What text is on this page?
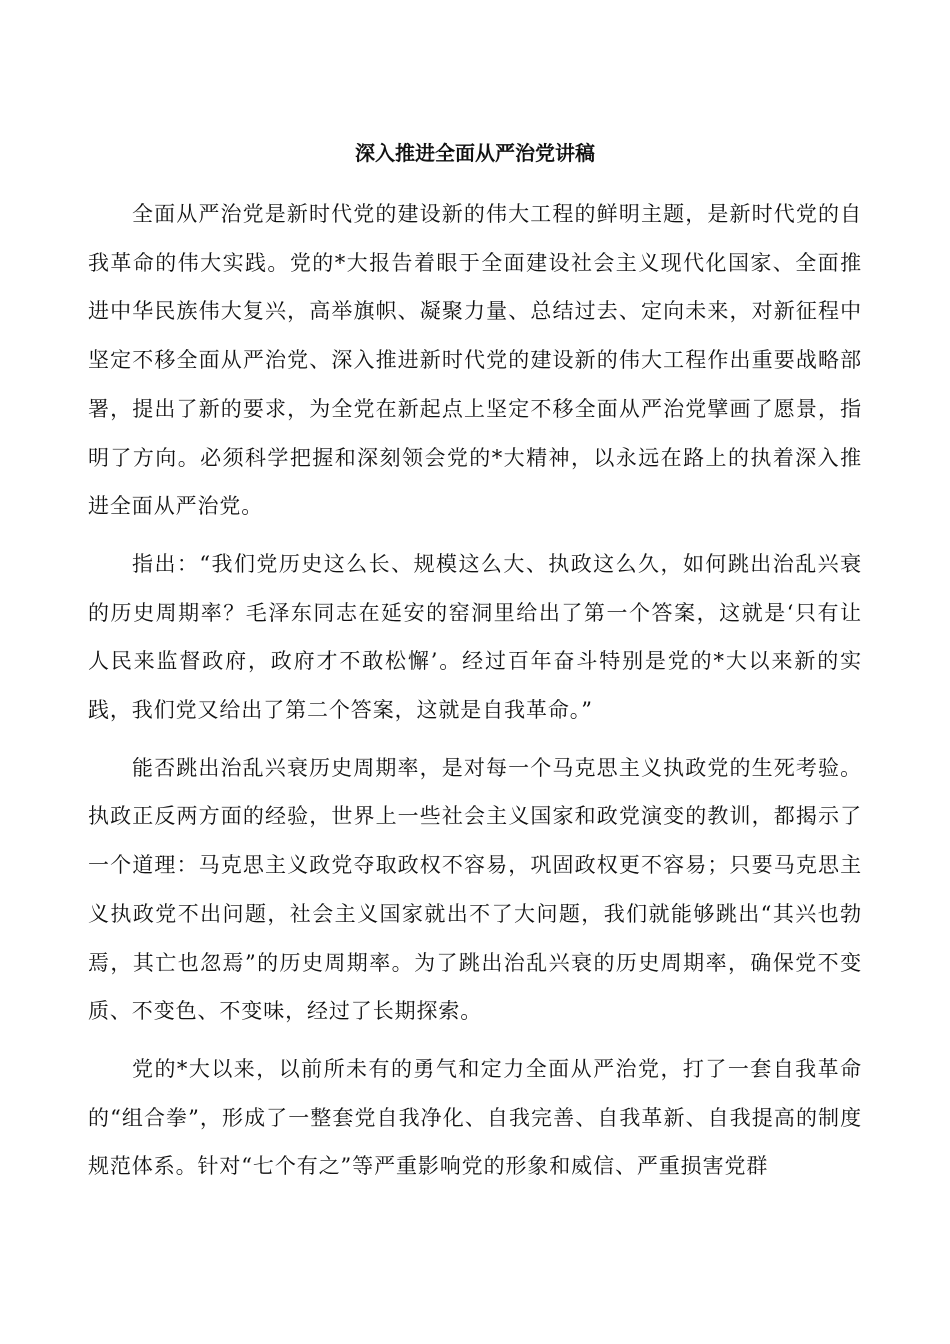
深入推进全面从严治党讲稿

全面从严治党是新时代党的建设新的伟大工程的鲜明主题，是新时代党的自我革命的伟大实践。党的*大报告着眼于全面建设社会主义现代化国家、全面推进中华民族伟大复兴，高举旗帜、凝聚力量、总结过去、定向未来，对新征程中坚定不移全面从严治党、深入推进新时代党的建设新的伟大工程作出重要战略部署，提出了新的要求，为全党在新起点上坚定不移全面从严治党擘画了愿景，指明了方向。必须科学把握和深刻领会党的*大精神，以永远在路上的执着深入推进全面从严治党。

指出：“我们党历史这么长、规模这么大、执政这么久，如何跳出治乱兴衰的历史周期率？毛泽东同志在延安的窑洞里给出了第一个答案，这就是‘只有让人民来监督政府，政府才不敢松懈’。经过百年奋斗特别是党的*大以来新的实践，我们党又给出了第二个答案，这就是自我革命。”

能否跳出治乱兴衰历史周期率，是对每一个马克思主义执政党的生死考验。执政正反两方面的经验，世界上一些社会主义国家和政党演变的教训，都揭示了一个道理：马克思主义政党夺取政权不容易，巩固政权更不容易；只要马克思主义执政党不出问题，社会主义国家就出不了大问题，我们就能够跳出“其兴也勃焉，其亡也忽焉”的历史周期率。为了跳出治乱兴衰的历史周期率，确保党不变质、不变色、不变味，经过了长期探索。

党的*大以来，以前所未有的勇气和定力全面从严治党，打了一套自我革命的“组合拳”，形成了一整套党自我净化、自我完善、自我革新、自我提高的制度规范体系。针对“七个有之”等严重影响党的形象和威信、严重损害党群
